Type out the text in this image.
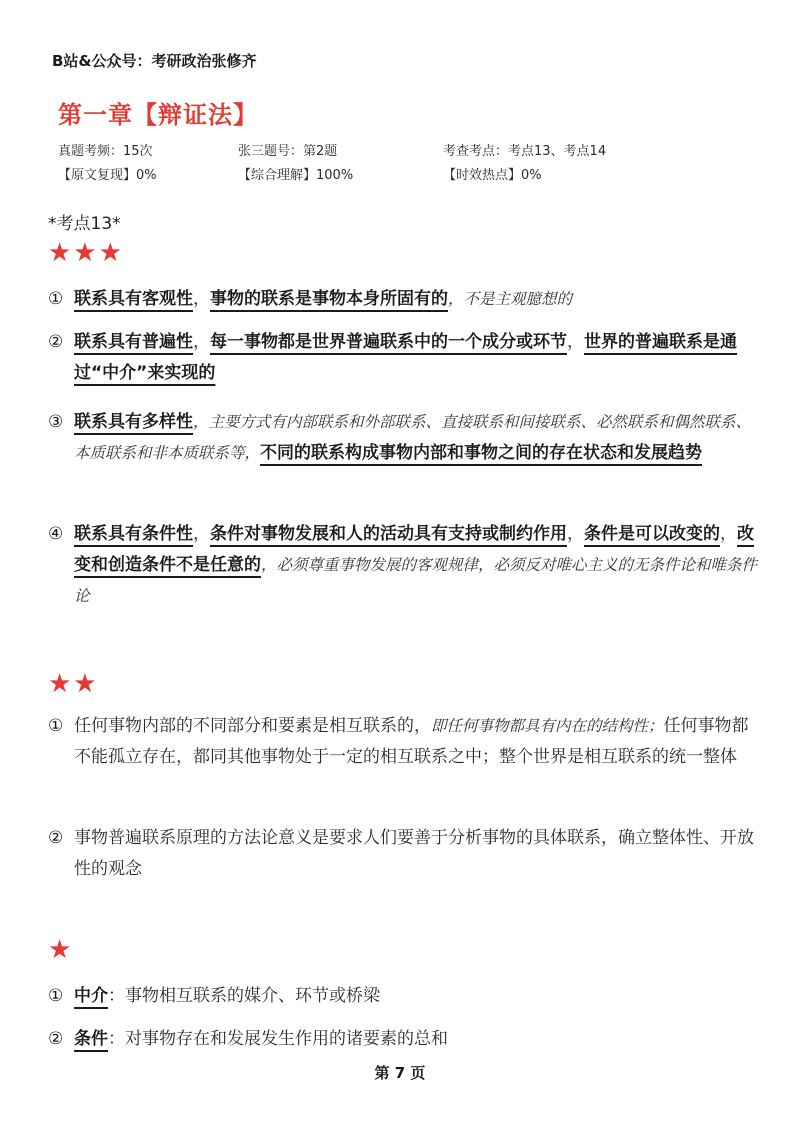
B站&公众号：考研政治张修齐
第一章【辩证法】
真题考频：15次	张三题号：第2题	考查考点：考点13、考点14
【原文复现】0%	【综合理解】100%	【时效热点】0%
*考点13*
★★★
① 联系具有客观性，事物的联系是事物本身所固有的，不是主观臆想的
② 联系具有普遍性，每一事物都是世界普遍联系中的一个成分或环节，世界的普遍联系是通过“中介”来实现的
③ 联系具有多样性，主要方式有内部联系和外部联系、直接联系和间接联系、必然联系和偶然联系、本质联系和非本质联系等，不同的联系构成事物内部和事物之间的存在状态和发展趋势
④ 联系具有条件性，条件对事物发展和人的活动具有支持或制约作用，条件是可以改变的，改变和创造条件不是任意的，必须尊重事物发展的客观规律，必须反对唯心主义的无条件论和唯条件论
★★
① 任何事物内部的不同部分和要素是相互联系的，即任何事物都具有内在的结构性；任何事物都不能孤立存在，都同其他事物处于一定的相互联系之中；整个世界是相互联系的统一整体
② 事物普遍联系原理的方法论意义是要求人们要善于分析事物的具体联系，确立整体性、开放性的观念
★
① 中介：事物相互联系的媒介、环节或桥梁
② 条件：对事物存在和发展发生作用的诸要素的总和
第 7 页
